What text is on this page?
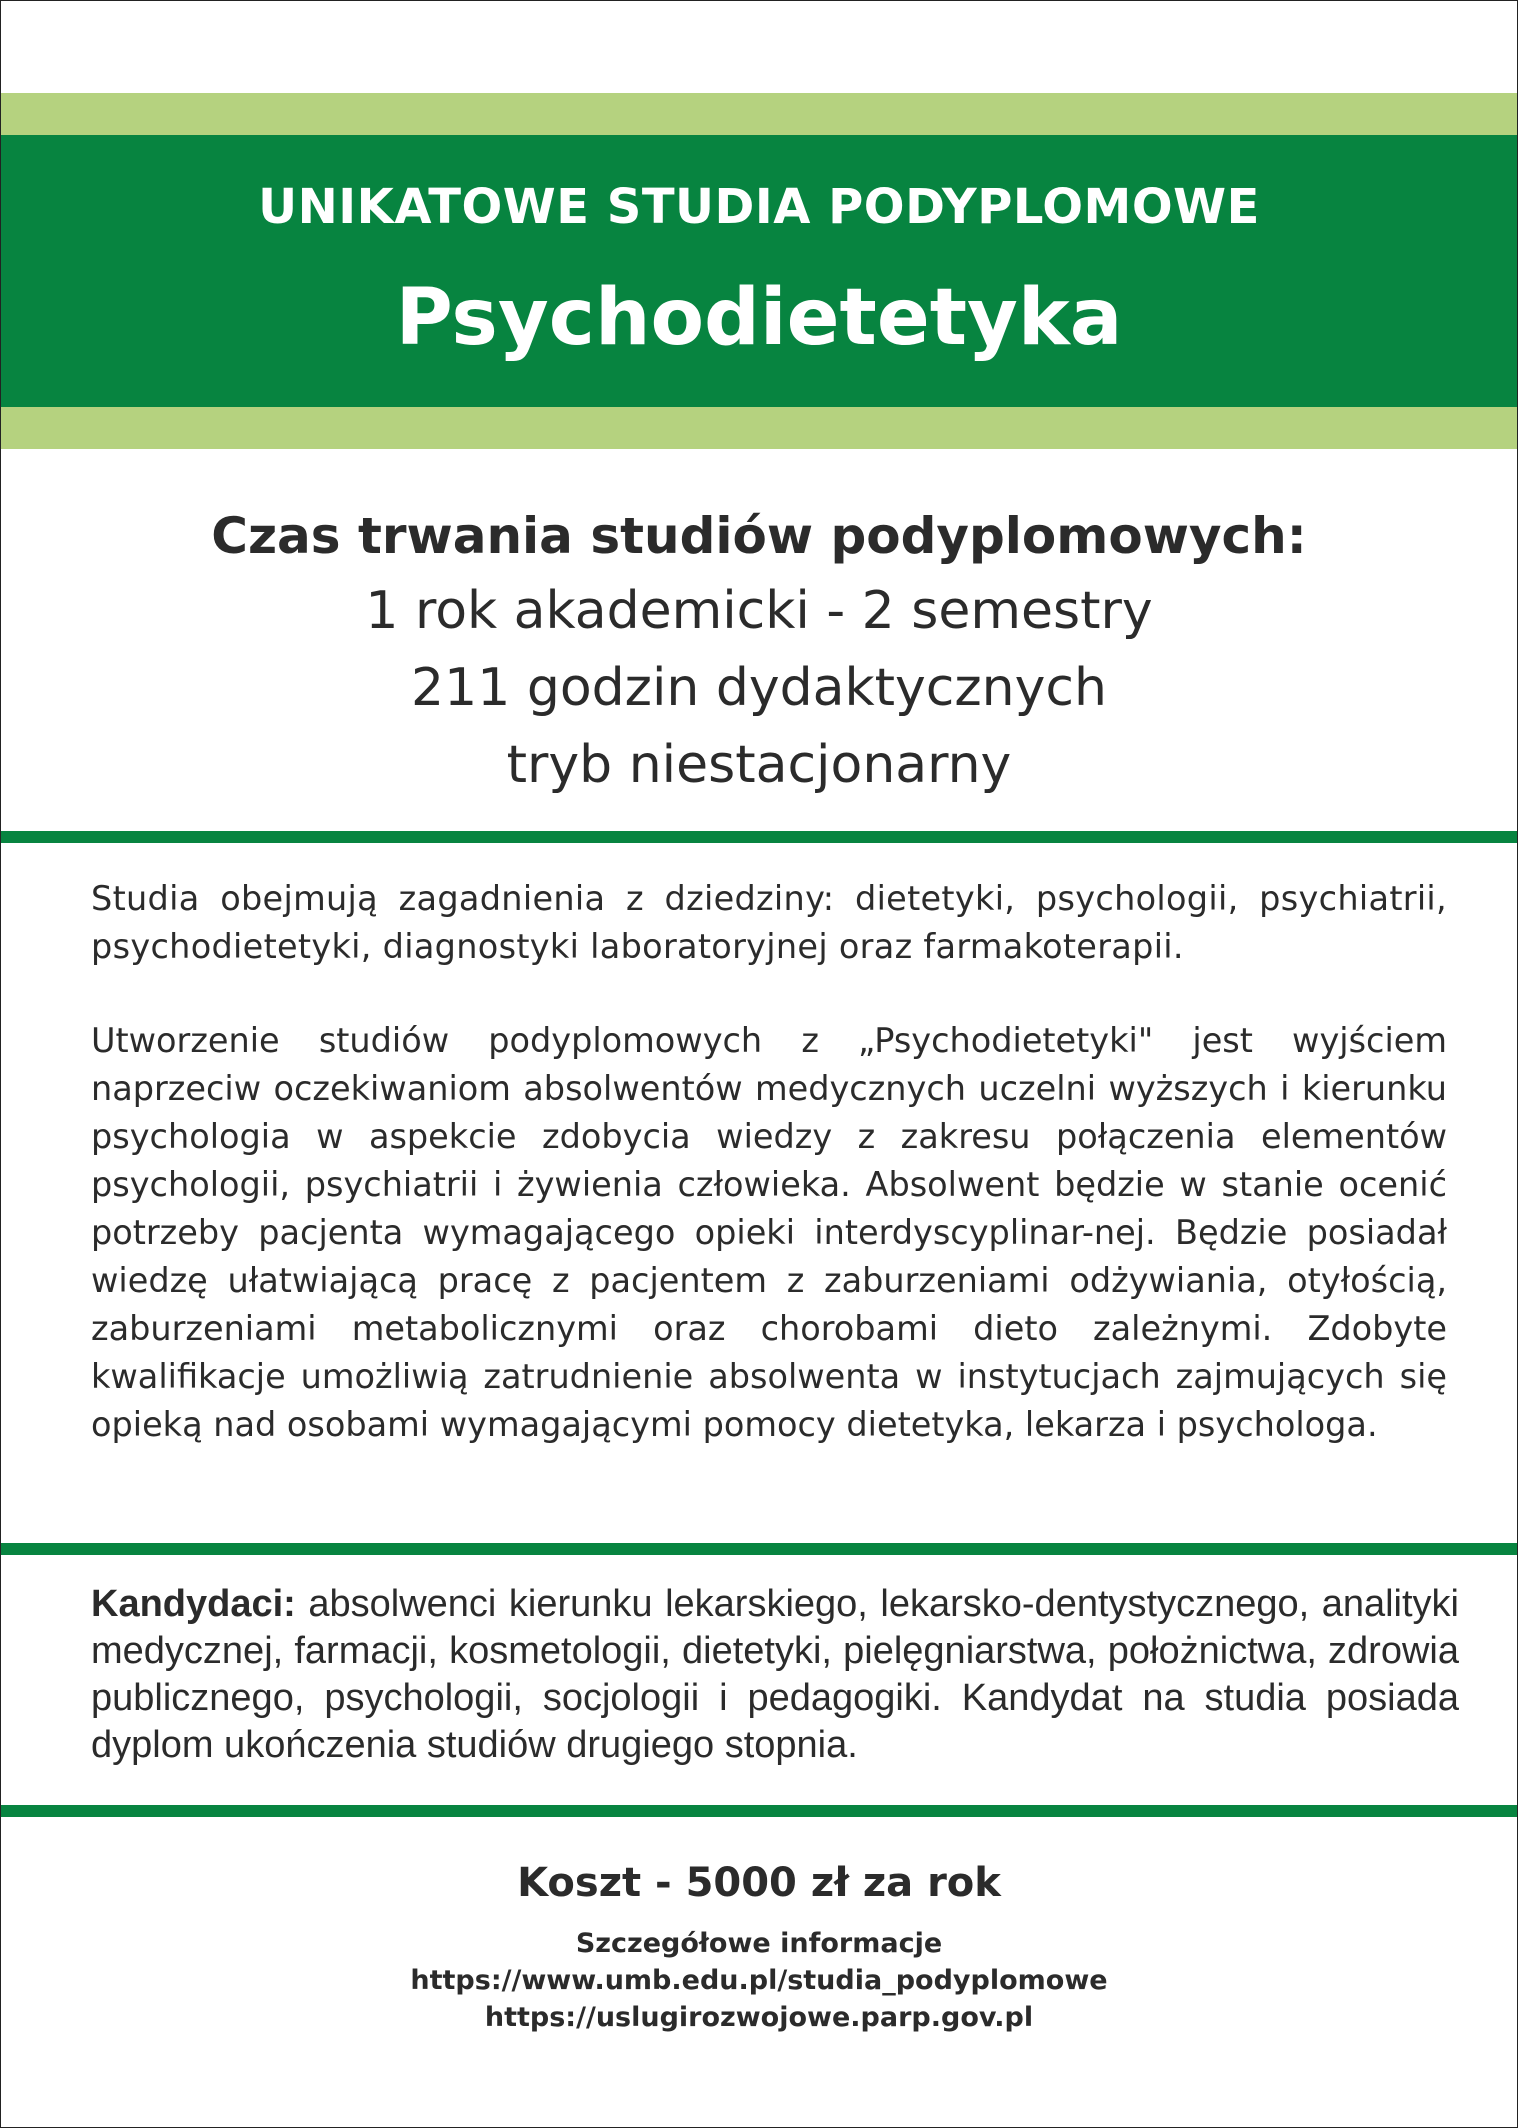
UNIKATOWE STUDIA PODYPLOMOWE
Psychodietetyka
Czas trwania studiów podyplomowych:
1 rok akademicki - 2 semestry
211 godzin dydaktycznych
tryb niestacjonarny
Studia obejmują zagadnienia z dziedziny: dietetyki, psychologii, psychiatrii, psychodietetyki, diagnostyki laboratoryjnej oraz farmakoterapii.
Utworzenie studiów podyplomowych z „Psychodietetyki" jest wyjściem naprzeciw oczekiwaniom absolwentów medycznych uczelni wyższych i kierunku psychologia w aspekcie zdobycia wiedzy z zakresu połączenia elementów psychologii, psychiatrii i żywienia człowieka. Absolwent będzie w stanie ocenić potrzeby pacjenta wymagającego opieki interdyscyplinar-nej. Będzie posiadał wiedzę ułatwiającą pracę z pacjentem z zaburzeniami odżywiania, otyłością, zaburzeniami metabolicznymi oraz chorobami dieto zależnymi. Zdobyte kwalifikacje umożliwią zatrudnienie absolwenta w instytucjach zajmujących się opieką nad osobami wymagającymi pomocy dietetyka, lekarza i psychologa.
Kandydaci: absolwenci kierunku lekarskiego, lekarsko-dentystycznego, analityki medycznej, farmacji, kosmetologii, dietetyki, pielęgniarstwa, położnictwa, zdrowia publicznego, psychologii, socjologii i pedagogiki. Kandydat na studia posiada dyplom ukończenia studiów drugiego stopnia.
Koszt - 5000 zł za rok
Szczegółowe informacje
https://www.umb.edu.pl/studia_podyplomowe
https://uslugirozwojowe.parp.gov.pl
